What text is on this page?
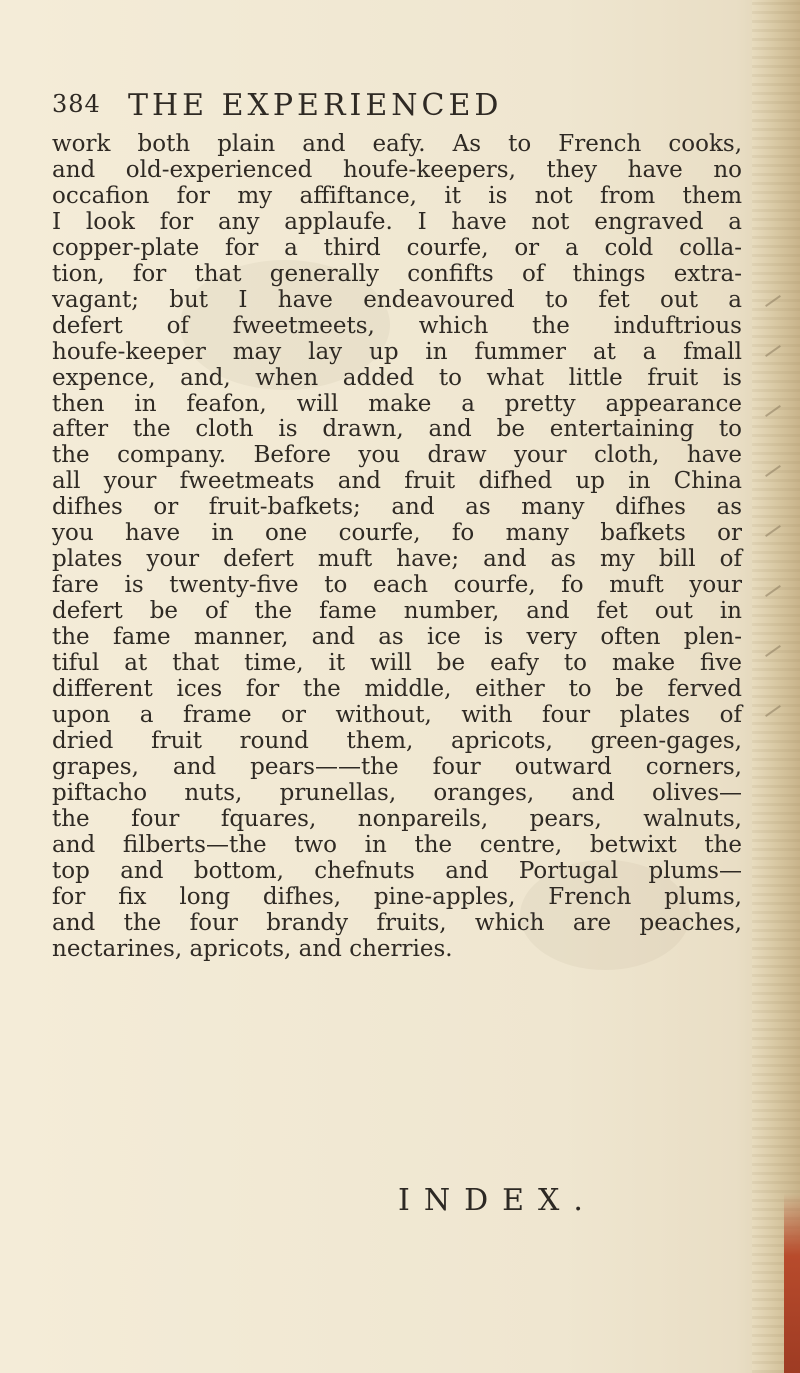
384 THE EXPERIENCED

work both plain and eafy. As to French cooks,

and old-experienced houfe-keepers, they have no

occafion for my affiftance, it is not from them

I look for any applaufe. I have not engraved a

copper-plate for a third courfe, or a cold colla-

tion, for that generally confifts of things extra-

vagant; but I have endeavoured to fet out a

defert of fweetmeets, which the induftrious

houfe-keeper may lay up in fummer at a fmall

expence, and, when added to what little fruit is

then in feafon, will make a pretty appearance

after the cloth is drawn, and be entertaining to

the company. Before you draw your cloth, have

all your fweetmeats and fruit difhed up in China

difhes or fruit-bafkets; and as many difhes as

you have in one courfe, fo many bafkets or

plates your defert muft have; and as my bill of

fare is twenty-five to each courfe, fo muft your

defert be of the fame number, and fet out in

the fame manner, and as ice is very often plen-

tiful at that time, it will be eafy to make five

different ices for the middle, either to be ferved

upon a frame or without, with four plates of

dried fruit round them, apricots, green-gages,

grapes, and pears——the four outward corners,

piftacho nuts, prunellas, oranges, and olives—

the four fquares, nonpareils, pears, walnuts,

and filberts—the two in the centre, betwixt the

top and bottom, chefnuts and Portugal plums—

for fix long difhes, pine-apples, French plums,

and the four brandy fruits, which are peaches,

nectarines, apricots, and cherries.

INDEX.
